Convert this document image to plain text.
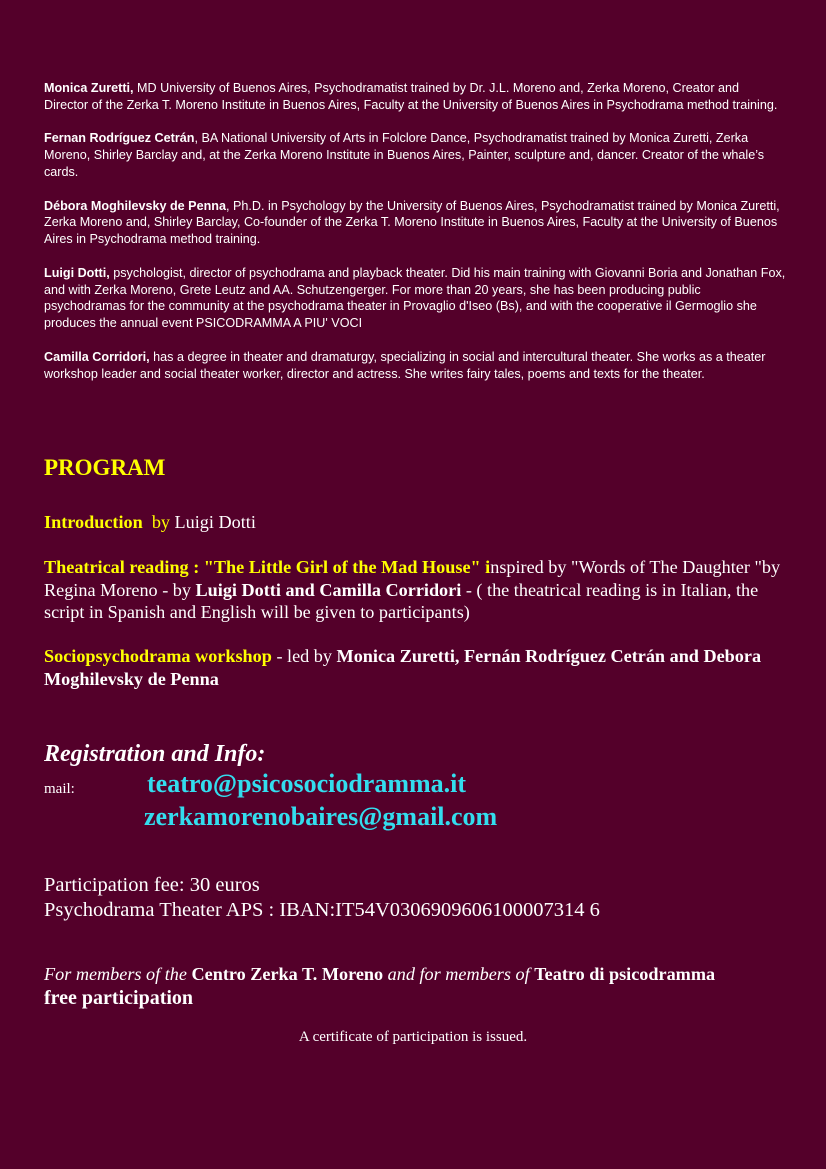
Monica Zuretti, MD University of Buenos Aires, Psychodramatist trained by Dr. J.L. Moreno and, Zerka Moreno, Creator and Director of the Zerka T. Moreno Institute in Buenos Aires, Faculty at the University of Buenos Aires in Psychodrama method training.

Fernan Rodríguez Cetrán, BA National University of Arts in Folclore Dance, Psychodramatist trained by Monica Zuretti, Zerka Moreno, Shirley Barclay and, at the Zerka Moreno Institute in Buenos Aires, Painter, sculpture and, dancer. Creator of the whale’s cards.

Débora Moghilevsky de Penna, Ph.D. in Psychology by the University of Buenos Aires, Psychodramatist trained by Monica Zuretti, Zerka Moreno and, Shirley Barclay, Co-founder of the Zerka T. Moreno Institute in Buenos Aires, Faculty at the University of Buenos Aires in Psychodrama method training.

Luigi Dotti, psychologist, director of psychodrama and playback theater. Did his main training with Giovanni Boria and Jonathan Fox, and with Zerka Moreno, Grete Leutz and AA. Schutzengerger. For more than 20 years, she has been producing public psychodramas for the community at the psychodrama theater in Provaglio d'Iseo (Bs), and with the cooperative il Germoglio she produces the annual event PSICODRAMMA A PIU' VOCI

Camilla Corridori, has a degree in theater and dramaturgy, specializing in social and intercultural theater. She works as a theater workshop leader and social theater worker, director and actress. She writes fairy tales, poems and texts for the theater.

PROGRAM
Introduction  by Luigi Dotti
Theatrical reading : "The Little Girl of the Mad House" inspired by "Words of The Daughter "by Regina Moreno - by Luigi Dotti and Camilla Corridori - ( the theatrical reading is in Italian, the script in Spanish and English will be given to participants)
Sociopsychodrama workshop - led by Monica Zuretti, Fernán Rodríguez Cetrán and Debora Moghilevsky de Penna
Registration and Info:
mail:	teatro@psicosociodramma.it
zerkamorenobaires@gmail.com
Participation fee: 30 euros
Psychodrama Theater APS : IBAN:IT54V0306909606100007314 6
For members of the Centro Zerka T. Moreno and for members of Teatro di psicodramma
free participation
A certificate of participation is issued.
